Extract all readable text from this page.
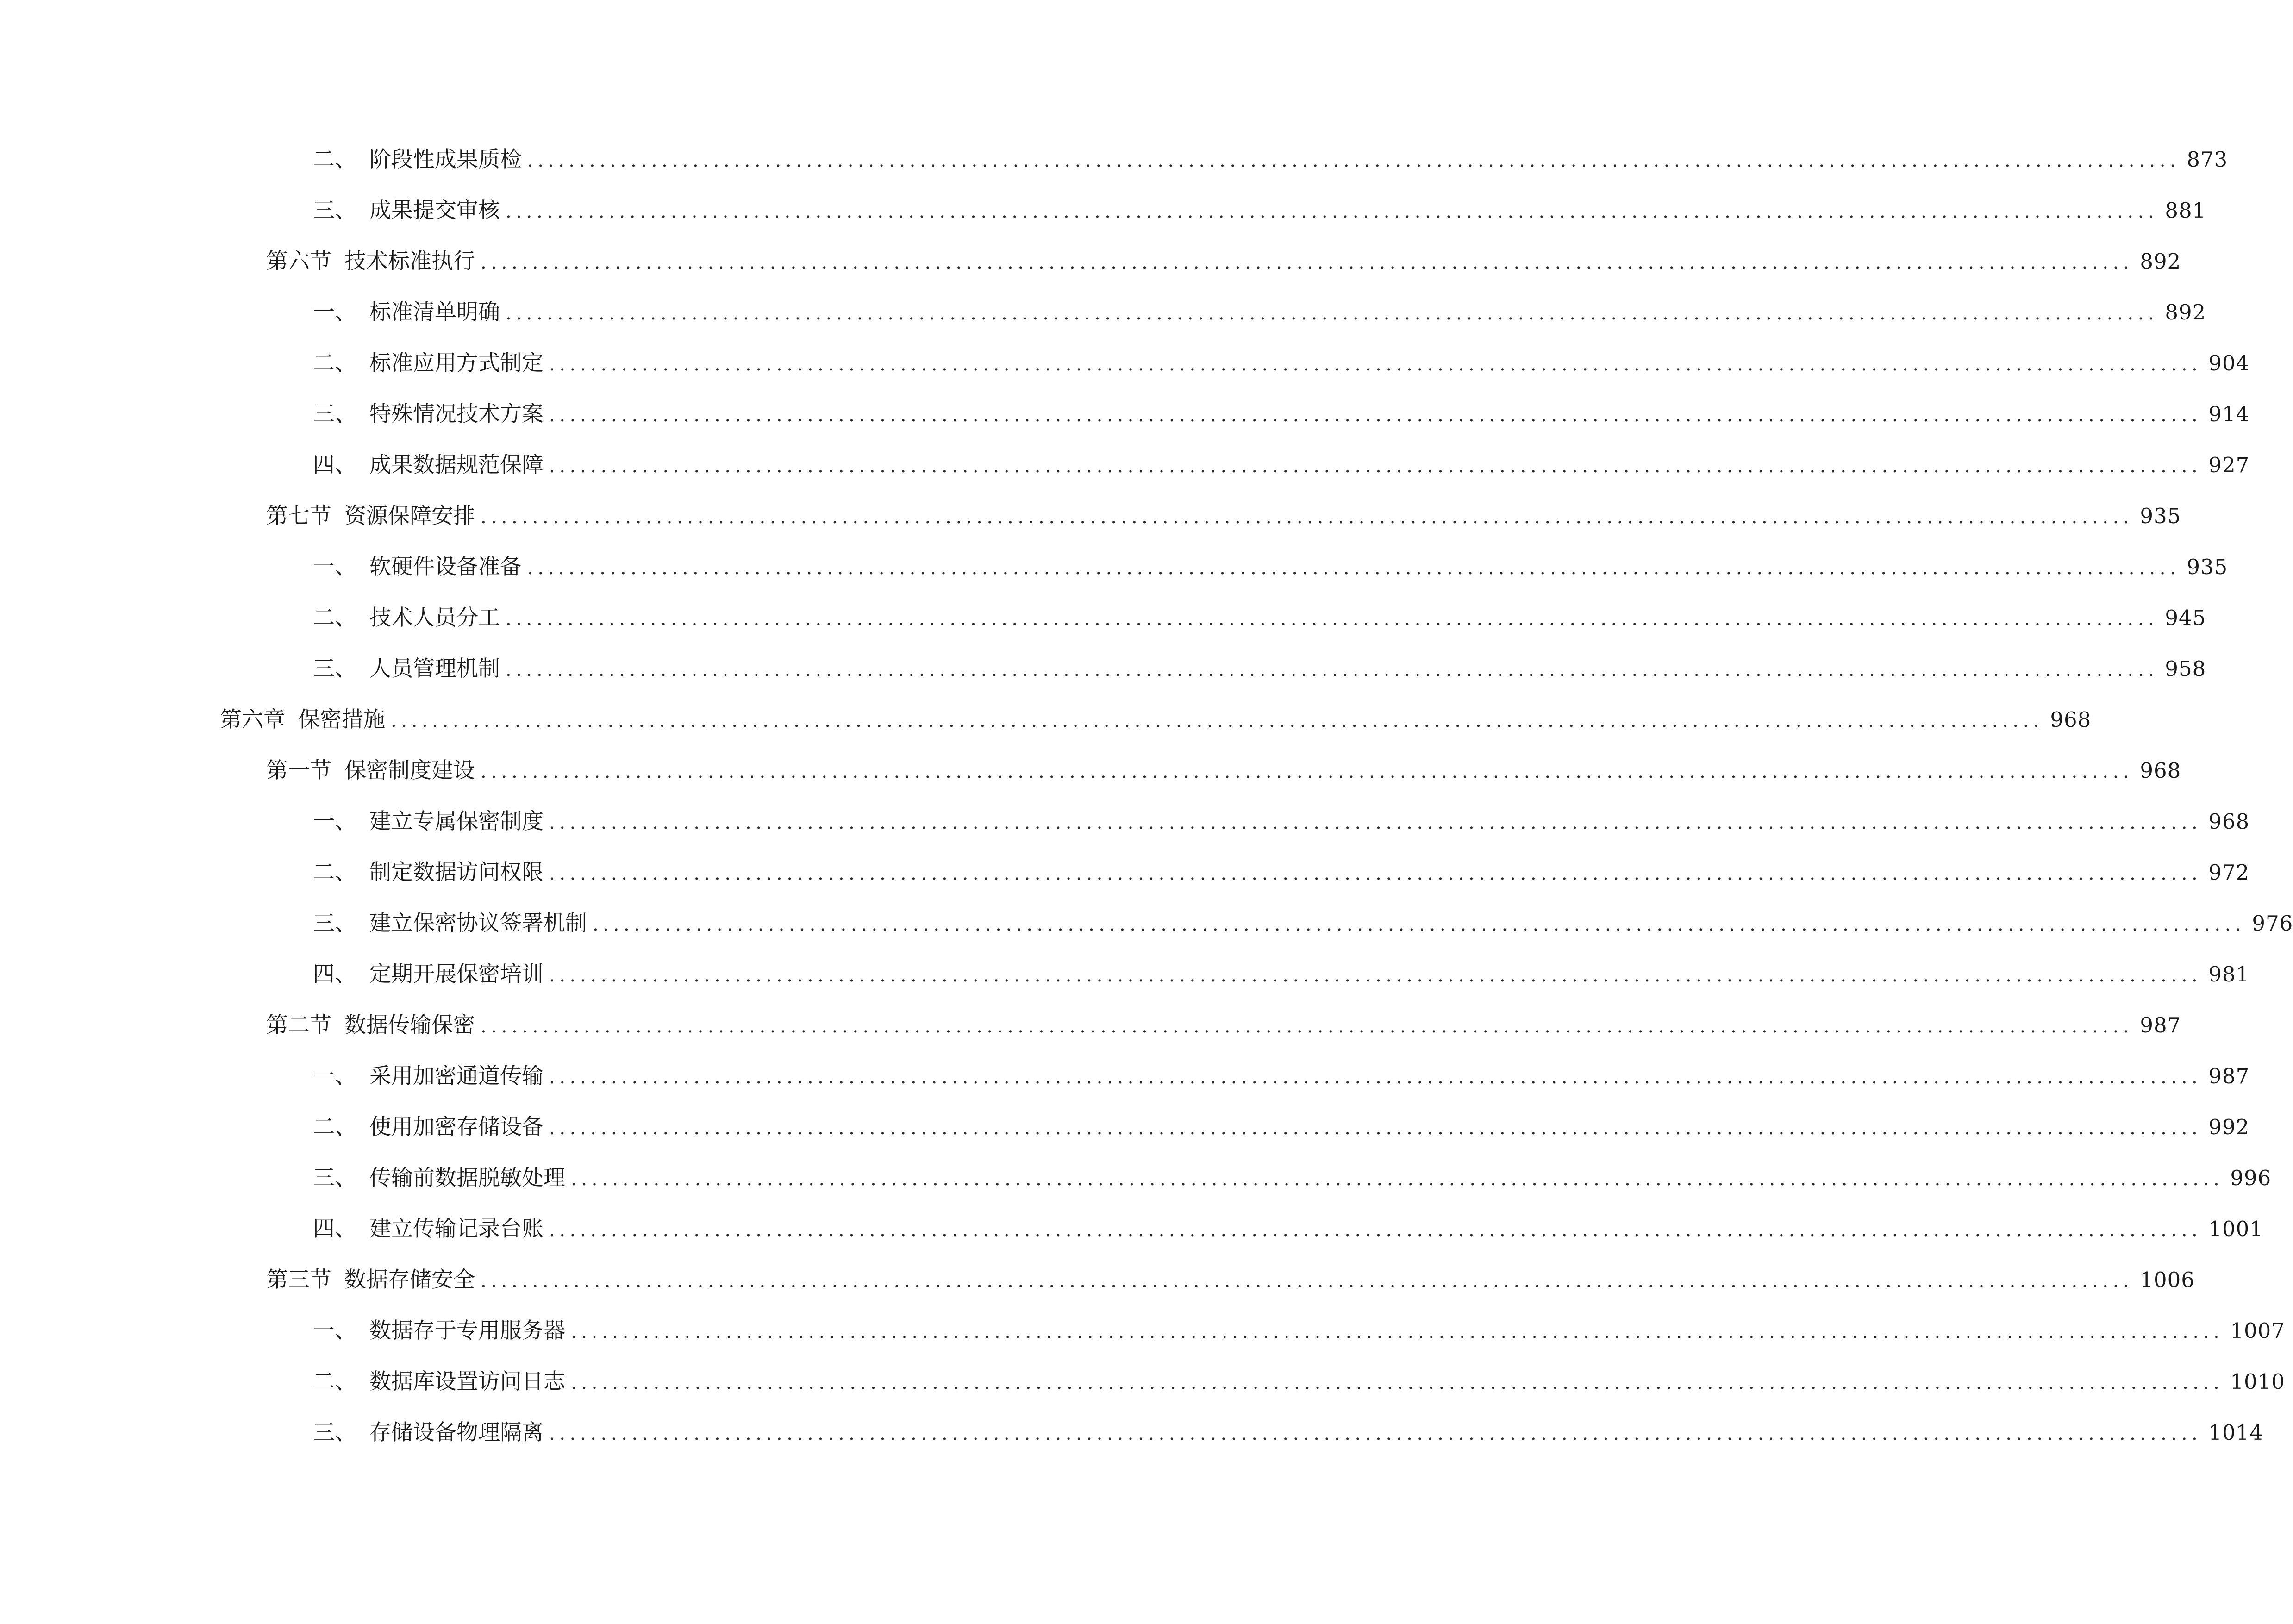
二、 阶段性成果质检 ................................................................................................................................................................ 873
三、 成果提交审核 ................................................................................................................................................................ 881
第六节 技术标准执行 ................................................................................................................................................................ 892
一、 标准清单明确 ................................................................................................................................................................ 892
二、 标准应用方式制定 ................................................................................................................................................................ 904
三、 特殊情况技术方案 ................................................................................................................................................................ 914
四、 成果数据规范保障 ................................................................................................................................................................ 927
第七节 资源保障安排 ................................................................................................................................................................ 935
一、 软硬件设备准备 ................................................................................................................................................................ 935
二、 技术人员分工 ................................................................................................................................................................ 945
三、 人员管理机制 ................................................................................................................................................................ 958
第六章 保密措施 ................................................................................................................................................................ 968
第一节 保密制度建设 ................................................................................................................................................................ 968
一、 建立专属保密制度 ................................................................................................................................................................ 968
二、 制定数据访问权限 ................................................................................................................................................................ 972
三、 建立保密协议签署机制 ................................................................................................................................................................ 976
四、 定期开展保密培训 ................................................................................................................................................................ 981
第二节 数据传输保密 ................................................................................................................................................................ 987
一、 采用加密通道传输 ................................................................................................................................................................ 987
二、 使用加密存储设备 ................................................................................................................................................................ 992
三、 传输前数据脱敏处理 ................................................................................................................................................................ 996
四、 建立传输记录台账 ................................................................................................................................................................ 1001
第三节 数据存储安全 ................................................................................................................................................................ 1006
一、 数据存于专用服务器 ................................................................................................................................................................ 1007
二、 数据库设置访问日志 ................................................................................................................................................................ 1010
三、 存储设备物理隔离 ................................................................................................................................................................ 1014
